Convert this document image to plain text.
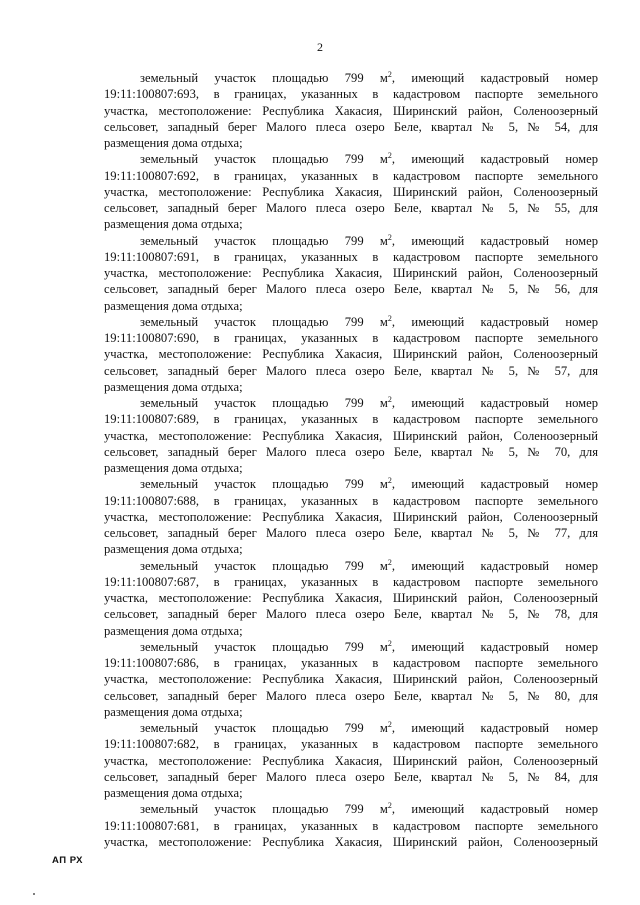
2
земельный участок площадью 799 $м^2$, имеющий кадастровый номер
19:11:100807:693, в границах, указанных в кадастровом паспорте земельного
участка, местоположение: Республика Хакасия, Ширинский район, Соленоозерный
сельсовет, западный берег Малого плеса озеро Беле, квартал № 5, № 54, для
размещения дома отдыха;
земельный участок площадью 799 $м^2$, имеющий кадастровый номер
19:11:100807:692, в границах, указанных в кадастровом паспорте земельного
участка, местоположение: Республика Хакасия, Ширинский район, Соленоозерный
сельсовет, западный берег Малого плеса озеро Беле, квартал № 5, № 55, для
размещения дома отдыха;
земельный участок площадью 799 $м^2$, имеющий кадастровый номер
19:11:100807:691, в границах, указанных в кадастровом паспорте земельного
участка, местоположение: Республика Хакасия, Ширинский район, Соленоозерный
сельсовет, западный берег Малого плеса озеро Беле, квартал № 5, № 56, для
размещения дома отдыха;
земельный участок площадью 799 $м^2$, имеющий кадастровый номер
19:11:100807:690, в границах, указанных в кадастровом паспорте земельного
участка, местоположение: Республика Хакасия, Ширинский район, Соленоозерный
сельсовет, западный берег Малого плеса озеро Беле, квартал № 5, № 57, для
размещения дома отдыха;
земельный участок площадью 799 $м^2$, имеющий кадастровый номер
19:11:100807:689, в границах, указанных в кадастровом паспорте земельного
участка, местоположение: Республика Хакасия, Ширинский район, Соленоозерный
сельсовет, западный берег Малого плеса озеро Беле, квартал № 5, № 70, для
размещения дома отдыха;
земельный участок площадью 799 $м^2$, имеющий кадастровый номер
19:11:100807:688, в границах, указанных в кадастровом паспорте земельного
участка, местоположение: Республика Хакасия, Ширинский район, Соленоозерный
сельсовет, западный берег Малого плеса озеро Беле, квартал № 5, № 77, для
размещения дома отдыха;
земельный участок площадью 799 $м^2$, имеющий кадастровый номер
19:11:100807:687, в границах, указанных в кадастровом паспорте земельного
участка, местоположение: Республика Хакасия, Ширинский район, Соленоозерный
сельсовет, западный берег Малого плеса озеро Беле, квартал № 5, № 78, для
размещения дома отдыха;
земельный участок площадью 799 $м^2$, имеющий кадастровый номер
19:11:100807:686, в границах, указанных в кадастровом паспорте земельного
участка, местоположение: Республика Хакасия, Ширинский район, Соленоозерный
сельсовет, западный берег Малого плеса озеро Беле, квартал № 5, № 80, для
размещения дома отдыха;
земельный участок площадью 799 $м^2$, имеющий кадастровый номер
19:11:100807:682, в границах, указанных в кадастровом паспорте земельного
участка, местоположение: Республика Хакасия, Ширинский район, Соленоозерный
сельсовет, западный берег Малого плеса озеро Беле, квартал № 5, № 84, для
размещения дома отдыха;
земельный участок площадью 799 $м^2$, имеющий кадастровый номер
19:11:100807:681, в границах, указанных в кадастровом паспорте земельного
участка, местоположение: Республика Хакасия, Ширинский район, Соленоозерный
АП РХ
